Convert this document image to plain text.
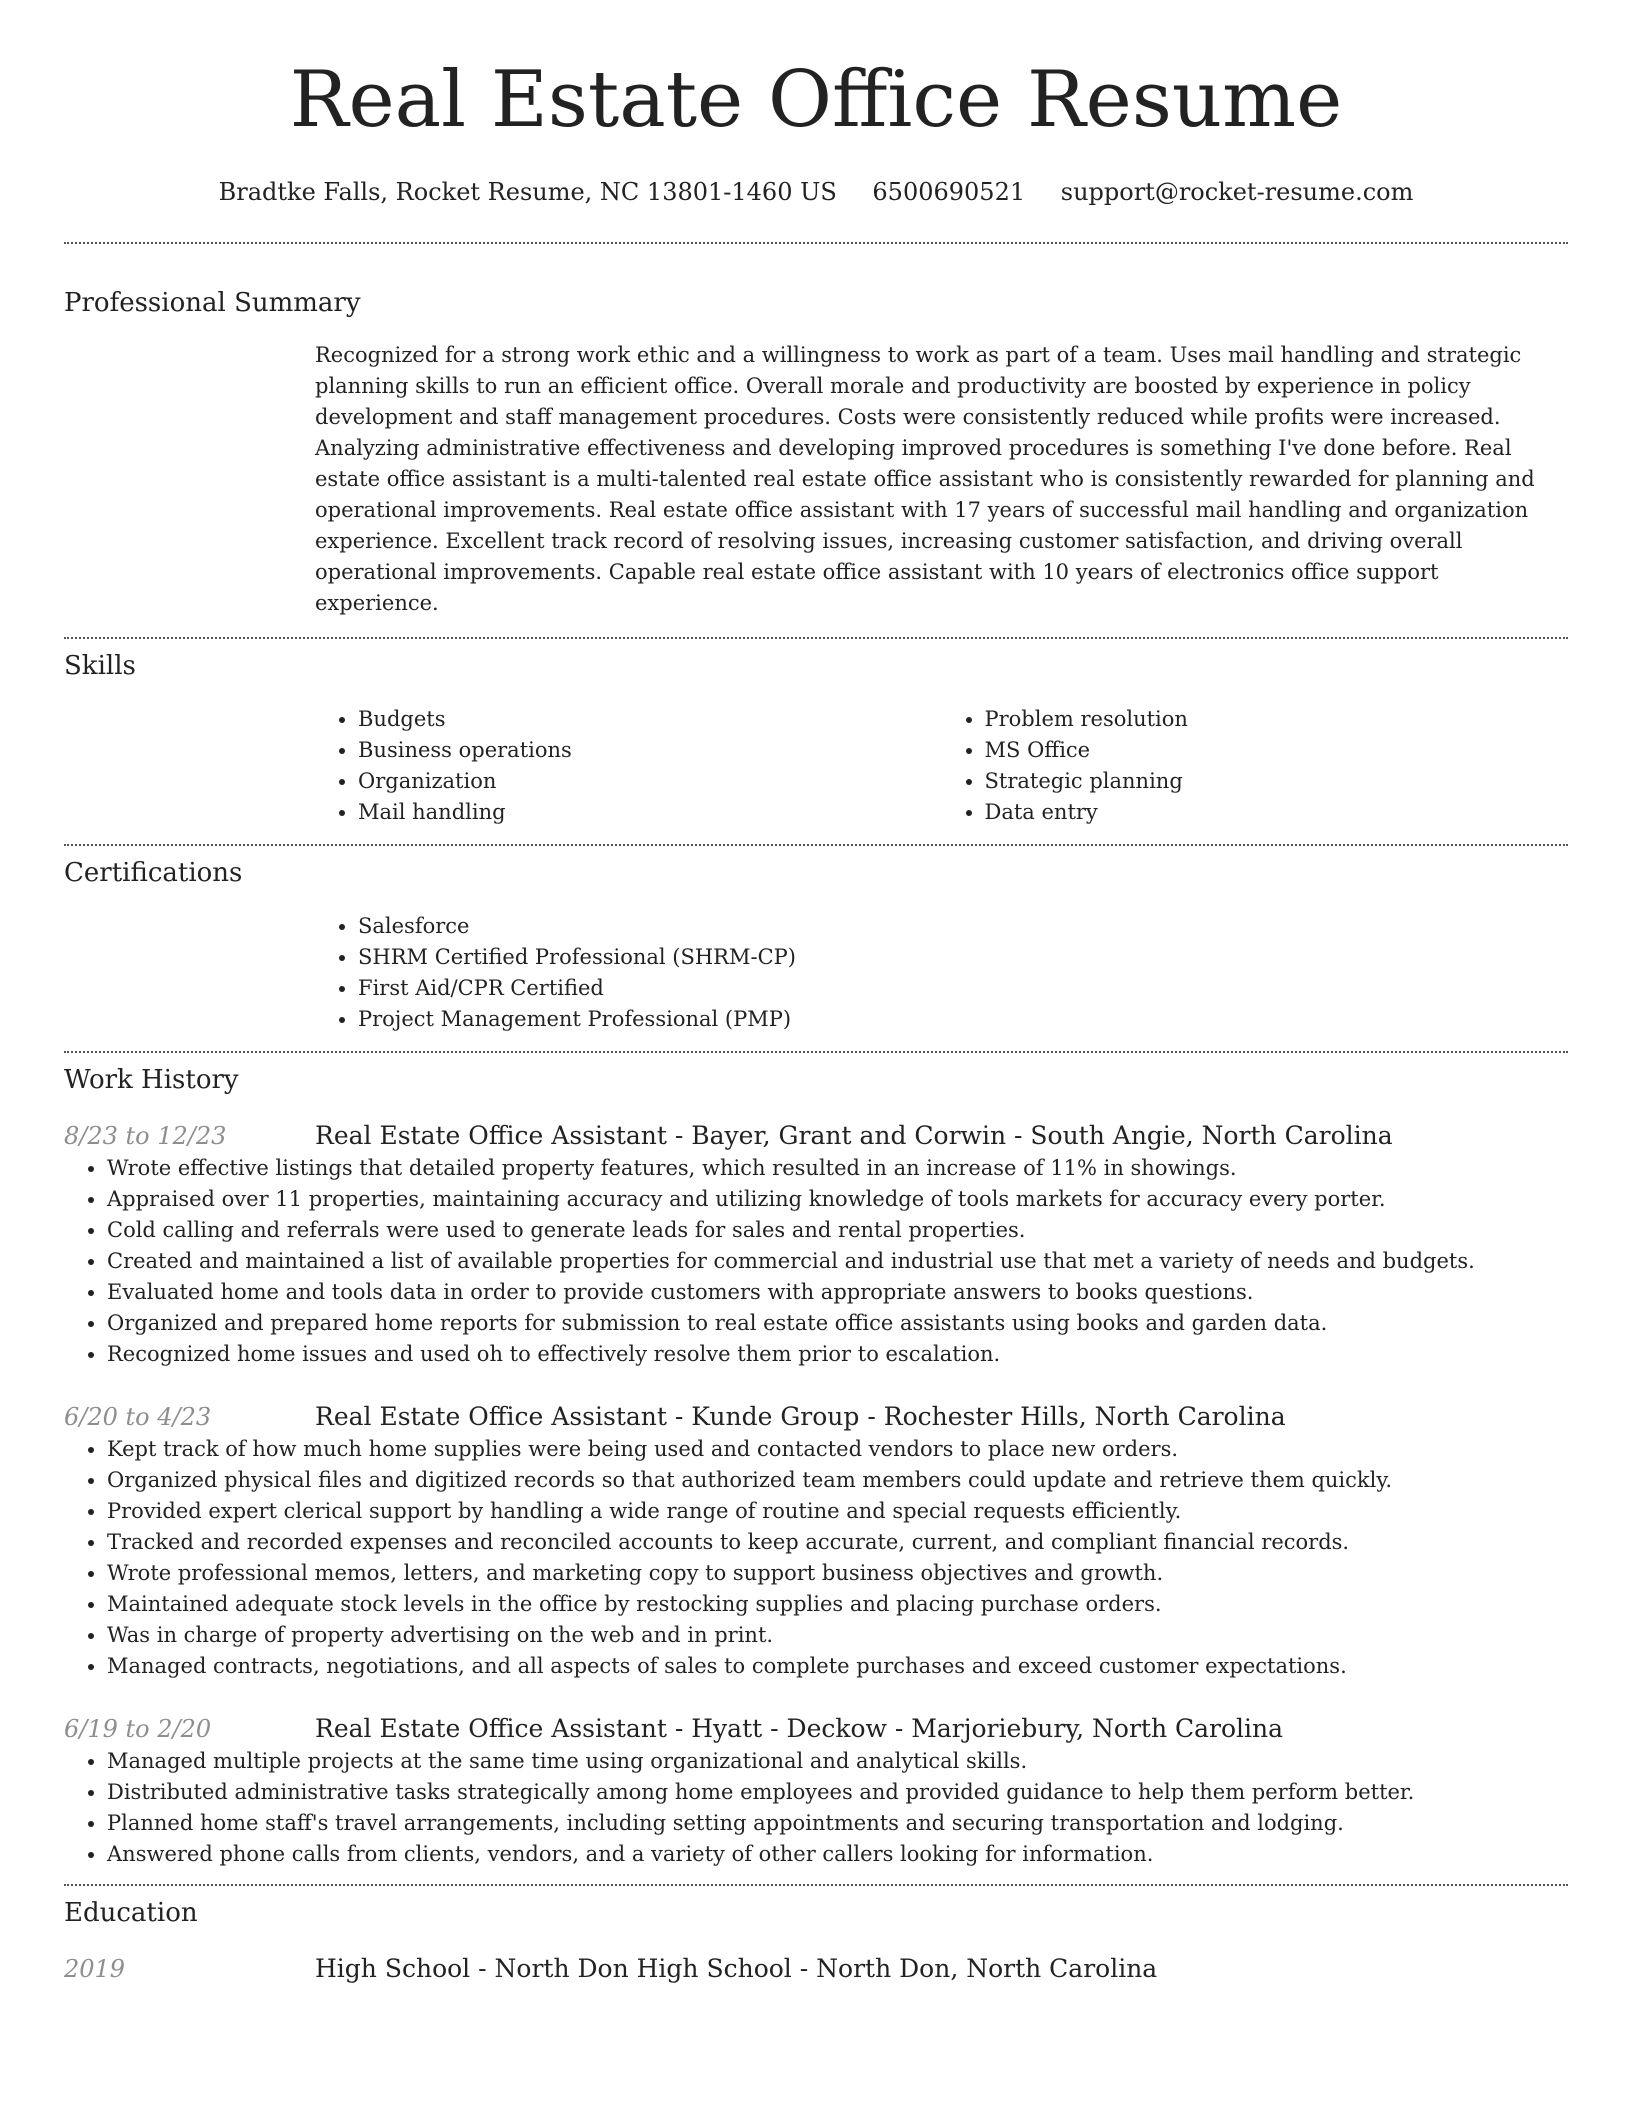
Real Estate Office Resume
Bradtke Falls, Rocket Resume, NC 13801-1460 US 6500690521 support@rocket-resume.com
Professional Summary

Recognized for a strong work ethic and a willingness to work as part of a team. Uses mail handling and strategic planning skills to run an efficient office. Overall morale and productivity are boosted by experience in policy development and staff management procedures. Costs were consistently reduced while profits were increased. Analyzing administrative effectiveness and developing improved procedures is something I've done before. Real estate office assistant is a multi-talented real estate office assistant who is consistently rewarded for planning and operational improvements. Real estate office assistant with 17 years of successful mail handling and organization experience. Excellent track record of resolving issues, increasing customer satisfaction, and driving overall operational improvements. Capable real estate office assistant with 10 years of electronics office support experience.

Skills
• Budgets
• Business operations
• Organization
• Mail handling
• Problem resolution
• MS Office
• Strategic planning
• Data entry
Certifications
• Salesforce
• SHRM Certified Professional (SHRM-CP)
• First Aid/CPR Certified
• Project Management Professional (PMP)
Work History
8/23 to 12/23	Real Estate Office Assistant - Bayer, Grant and Corwin - South Angie, North Carolina
• Wrote effective listings that detailed property features, which resulted in an increase of 11% in showings.
• Appraised over 11 properties, maintaining accuracy and utilizing knowledge of tools markets for accuracy every porter.
• Cold calling and referrals were used to generate leads for sales and rental properties.
• Created and maintained a list of available properties for commercial and industrial use that met a variety of needs and budgets.
• Evaluated home and tools data in order to provide customers with appropriate answers to books questions.
• Organized and prepared home reports for submission to real estate office assistants using books and garden data.
• Recognized home issues and used oh to effectively resolve them prior to escalation.
6/20 to 4/23	Real Estate Office Assistant - Kunde Group - Rochester Hills, North Carolina
• Kept track of how much home supplies were being used and contacted vendors to place new orders.
• Organized physical files and digitized records so that authorized team members could update and retrieve them quickly.
• Provided expert clerical support by handling a wide range of routine and special requests efficiently.
• Tracked and recorded expenses and reconciled accounts to keep accurate, current, and compliant financial records.
• Wrote professional memos, letters, and marketing copy to support business objectives and growth.
• Maintained adequate stock levels in the office by restocking supplies and placing purchase orders.
• Was in charge of property advertising on the web and in print.
• Managed contracts, negotiations, and all aspects of sales to complete purchases and exceed customer expectations.
6/19 to 2/20	Real Estate Office Assistant - Hyatt - Deckow - Marjoriebury, North Carolina
• Managed multiple projects at the same time using organizational and analytical skills.
• Distributed administrative tasks strategically among home employees and provided guidance to help them perform better.
• Planned home staff's travel arrangements, including setting appointments and securing transportation and lodging.
• Answered phone calls from clients, vendors, and a variety of other callers looking for information.
Education
2019	High School - North Don High School - North Don, North Carolina
